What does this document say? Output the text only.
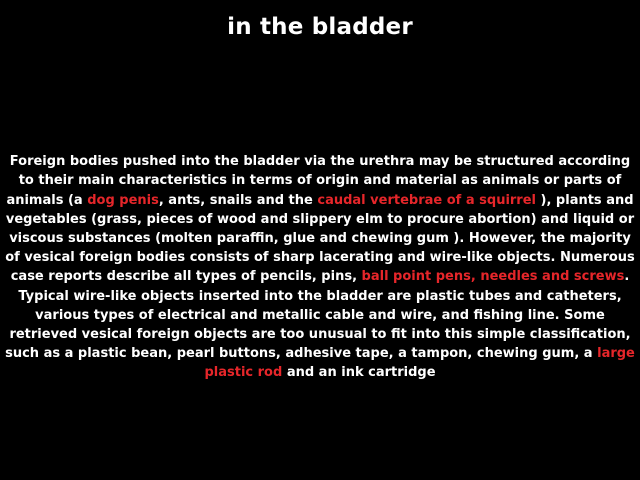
in the bladder

Foreign bodies pushed into the bladder via the urethra may be structured according to their main characteristics in terms of origin and material as animals or parts of animals (a dog penis, ants, snails and the caudal vertebrae of a squirrel ), plants and vegetables (grass, pieces of wood and slippery elm to procure abortion) and liquid or viscous substances (molten paraffin, glue and chewing gum ). However, the majority of vesical foreign bodies consists of sharp lacerating and wire-like objects. Numerous case reports describe all types of pencils, pins, ball point pens, needles and screws. Typical wire-like objects inserted into the bladder are plastic tubes and catheters, various types of electrical and metallic cable and wire, and fishing line. Some retrieved vesical foreign objects are too unusual to fit into this simple classification, such as a plastic bean, pearl buttons, adhesive tape, a tampon, chewing gum, a large plastic rod and an ink cartridge
